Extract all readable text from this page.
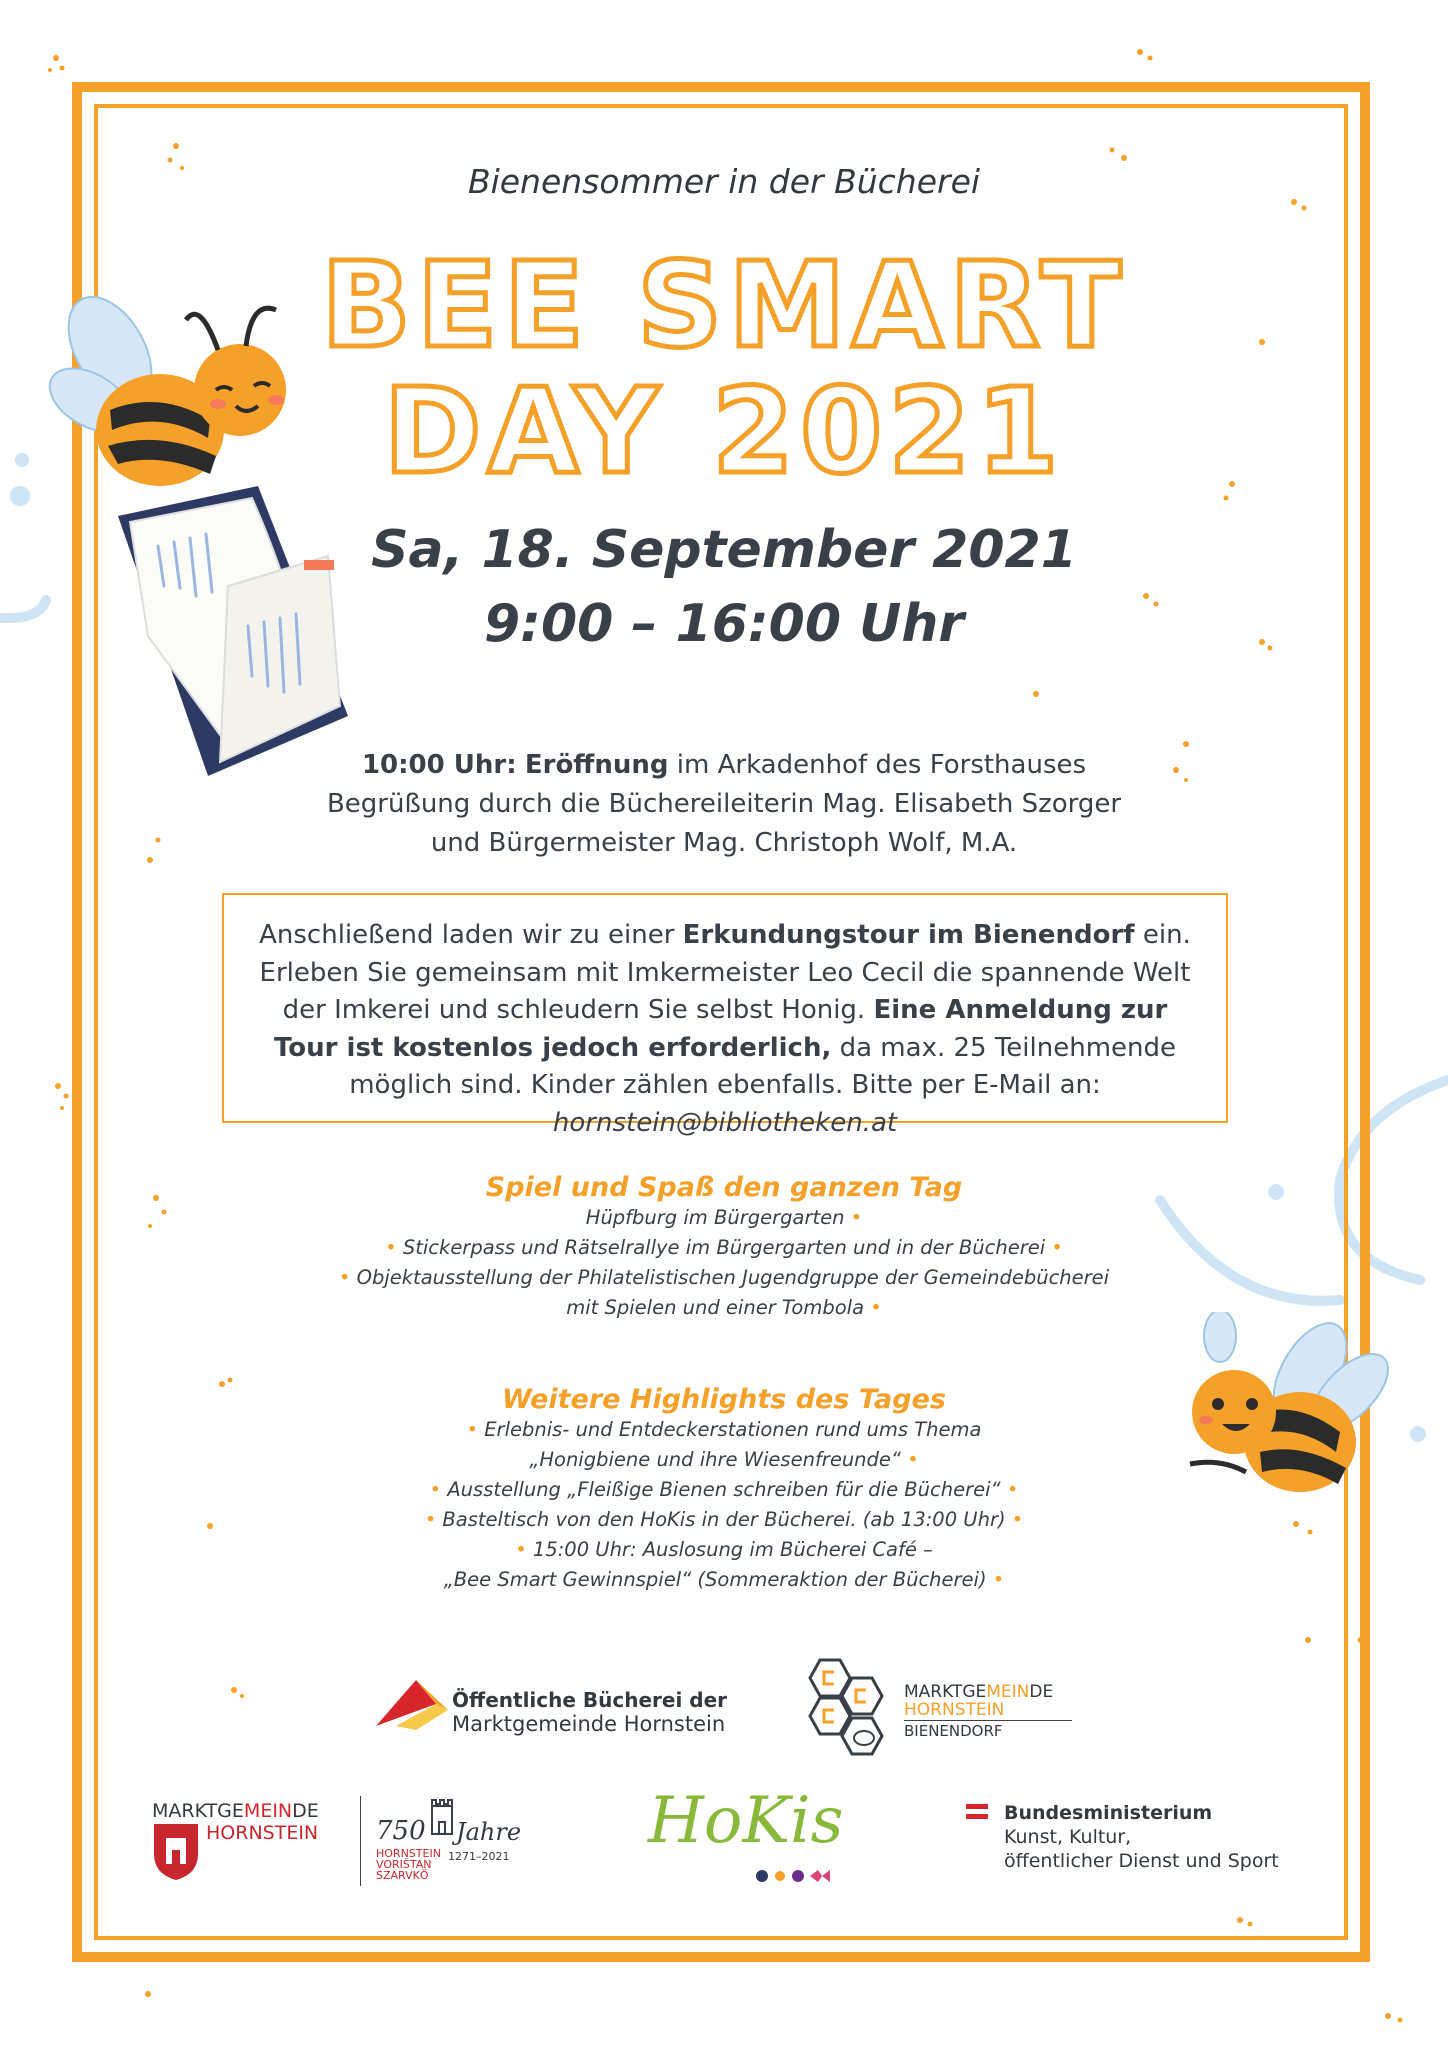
Bienensommer in der Bücherei
BEE SMART
DAY 2021
Sa, 18. September 2021
9:00 – 16:00 Uhr
10:00 Uhr: Eröffnung im Arkadenhof des Forsthauses
Begrüßung durch die Büchereileiterin Mag. Elisabeth Szorger
und Bürgermeister Mag. Christoph Wolf, M.A.
Anschließend laden wir zu einer Erkundungstour im Bienendorf ein. Erleben Sie gemeinsam mit Imkermeister Leo Cecil die spannende Welt der Imkerei und schleudern Sie selbst Honig. Eine Anmeldung zur Tour ist kostenlos jedoch erforderlich, da max. 25 Teilnehmende möglich sind. Kinder zählen ebenfalls. Bitte per E-Mail an: hornstein@bibliotheken.at
Spiel und Spaß den ganzen Tag
Hüpfburg im Bürgergarten •
• Stickerpass und Rätselrallye im Bürgergarten und in der Bücherei •
• Objektausstellung der Philatelistischen Jugendgruppe der Gemeindebücherei
mit Spielen und einer Tombola •
Weitere Highlights des Tages
• Erlebnis- und Entdeckerstationen rund ums Thema
„Honigbiene und ihre Wiesenfreunde“ •
• Ausstellung „Fleißige Bienen schreiben für die Bücherei“ •
• Basteltisch von den HoKis in der Bücherei. (ab 13:00 Uhr) •
• 15:00 Uhr: Auslosung im Bücherei Café –
„Bee Smart Gewinnspiel“ (Sommeraktion der Bücherei) •
Öffentliche Bücherei der
Marktgemeinde Hornstein
MARKTGEMEINDE
HORNSTEIN
BIENENDORF
MARKTGEMEINDE
HORNSTEIN 750 Jahre
HORNSTEIN
VORIŠTAN
SZARVKŐ
1271–2021 HoKis	Bundesministerium
Kunst, Kultur,
öffentlicher Dienst und Sport
